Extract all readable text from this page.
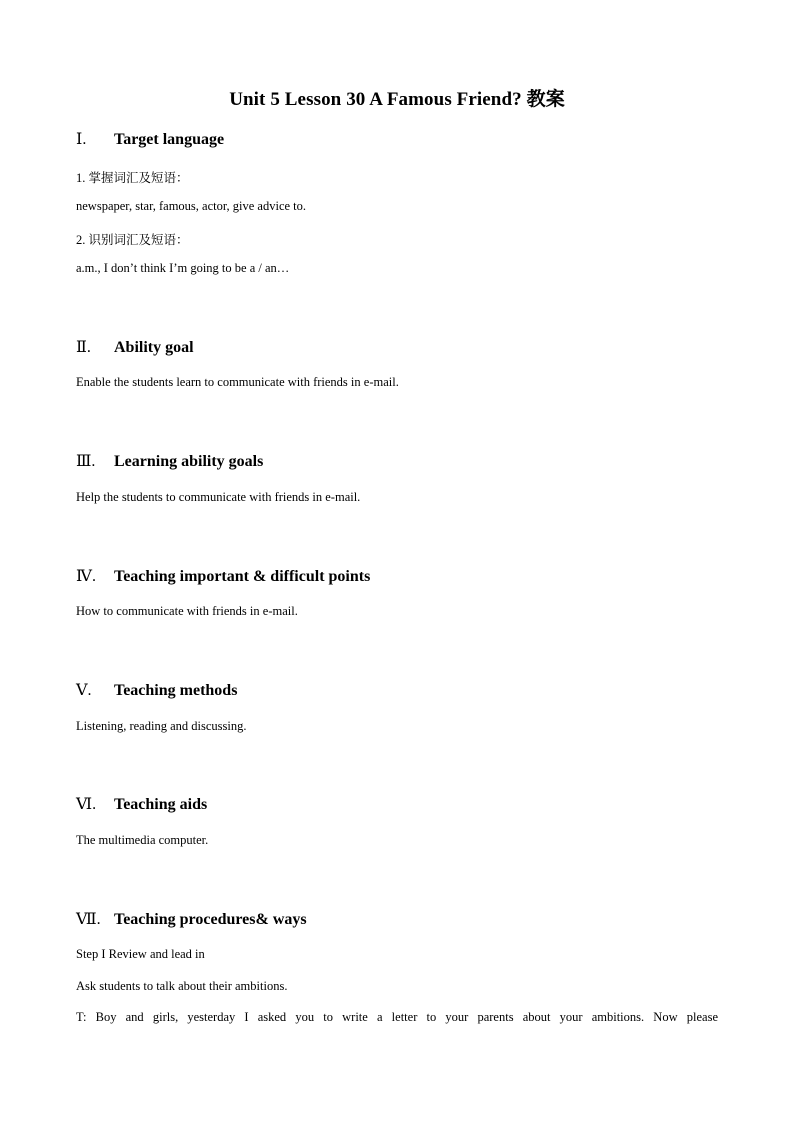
Unit 5 Lesson 30 A Famous Friend? 教案
Ⅰ. Target language
1. 掌握词汇及短语：
newspaper, star, famous, actor, give advice to.
2. 识别词汇及短语：
a.m., I don’t think I’m going to be a / an…
Ⅱ. Ability goal
Enable the students learn to communicate with friends in e-mail.
Ⅲ. Learning ability goals
Help the students to communicate with friends in e-mail.
Ⅳ. Teaching important & difficult points
How to communicate with friends in e-mail.
Ⅴ. Teaching methods
Listening, reading and discussing.
Ⅵ. Teaching aids
The multimedia computer.
Ⅶ. Teaching procedures& ways
Step I Review and lead in
Ask students to talk about their ambitions.
T: Boy and girls, yesterday I asked you to write a letter to your parents about your ambitions. Now please
